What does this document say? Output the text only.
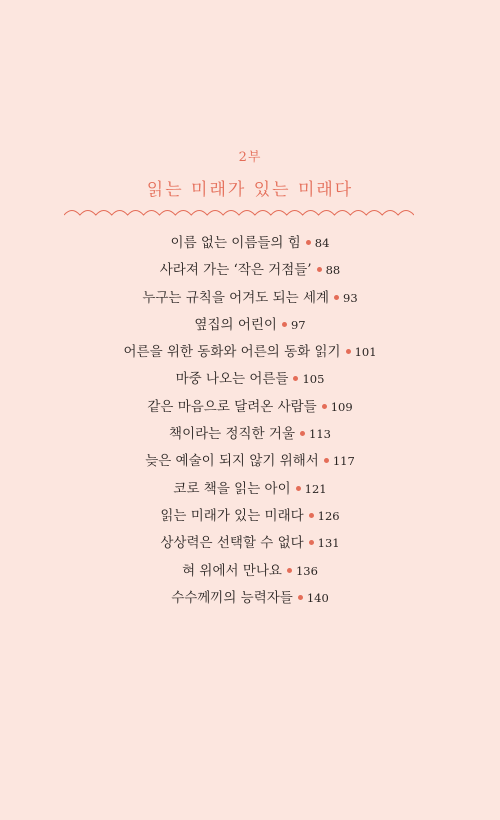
2부
읽는 미래가 있는 미래다
이름 없는 이름들의 힘 84
사라져 가는 ‘작은 거점들’ 88
누구는 규칙을 어겨도 되는 세계 93
옆집의 어린이 97
어른을 위한 동화와 어른의 동화 읽기 101
마중 나오는 어른들 105
같은 마음으로 달려온 사람들 109
책이라는 정직한 거울 113
늦은 예술이 되지 않기 위해서 117
코로 책을 읽는 아이 121
읽는 미래가 있는 미래다 126
상상력은 선택할 수 없다 131
혀 위에서 만나요 136
수수께끼의 능력자들 140
